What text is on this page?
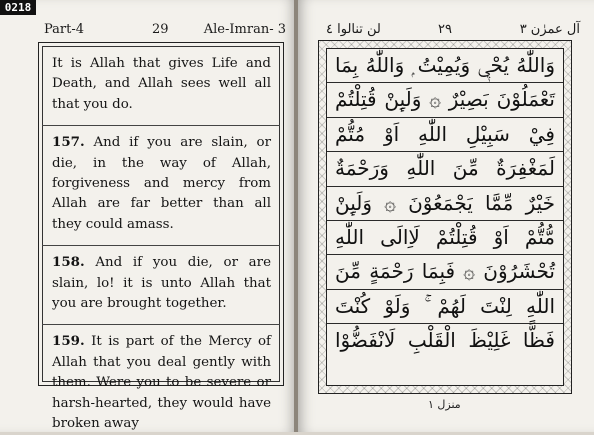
0218
Part-4	29	Ale-Imran- 3

It is Allah that gives Life and Death, and Allah sees well all that you do.

157. And if you are slain, or die, in the way of Allah, forgiveness and mercy from Allah are far better than all they could amass.

158. And if you die, or are slain, lo! it is unto Allah that you are brought together.

159. It is part of the Mercy of Allah that you deal gently with them. Were you to be severe or harsh-hearted, they would have broken away

لن تنالوا ٤	۲۹	آل عمرٰن ۳
وَاللّٰهُ يُحْيٖ وَيُمِيْتُ ۭ وَاللّٰهُ بِمَا
تَعْمَلُوْنَ بَصِيْرٌ ۞ وَلَىِٕنْ قُتِلْتُمْ
فِيْ سَبِيْلِ اللّٰهِ اَوْ مُتُّمْ
لَمَغْفِرَةٌ مِّنَ اللّٰهِ وَرَحْمَةٌ
خَيْرٌ مِّمَّا يَجْمَعُوْنَ ۞ وَلَىِٕنْ
مُّتُّمْ اَوْ قُتِلْتُمْ لَاِالَى اللّٰهِ
تُحْشَرُوْنَ ۞ فَبِمَا رَحْمَةٍ مِّنَ
اللّٰهِ لِنْتَ لَهُمْ ۚ وَلَوْ كُنْتَ
فَظًّا غَلِيْظَ الْقَلْبِ لَانْفَضُّوْا
منزل ۱
